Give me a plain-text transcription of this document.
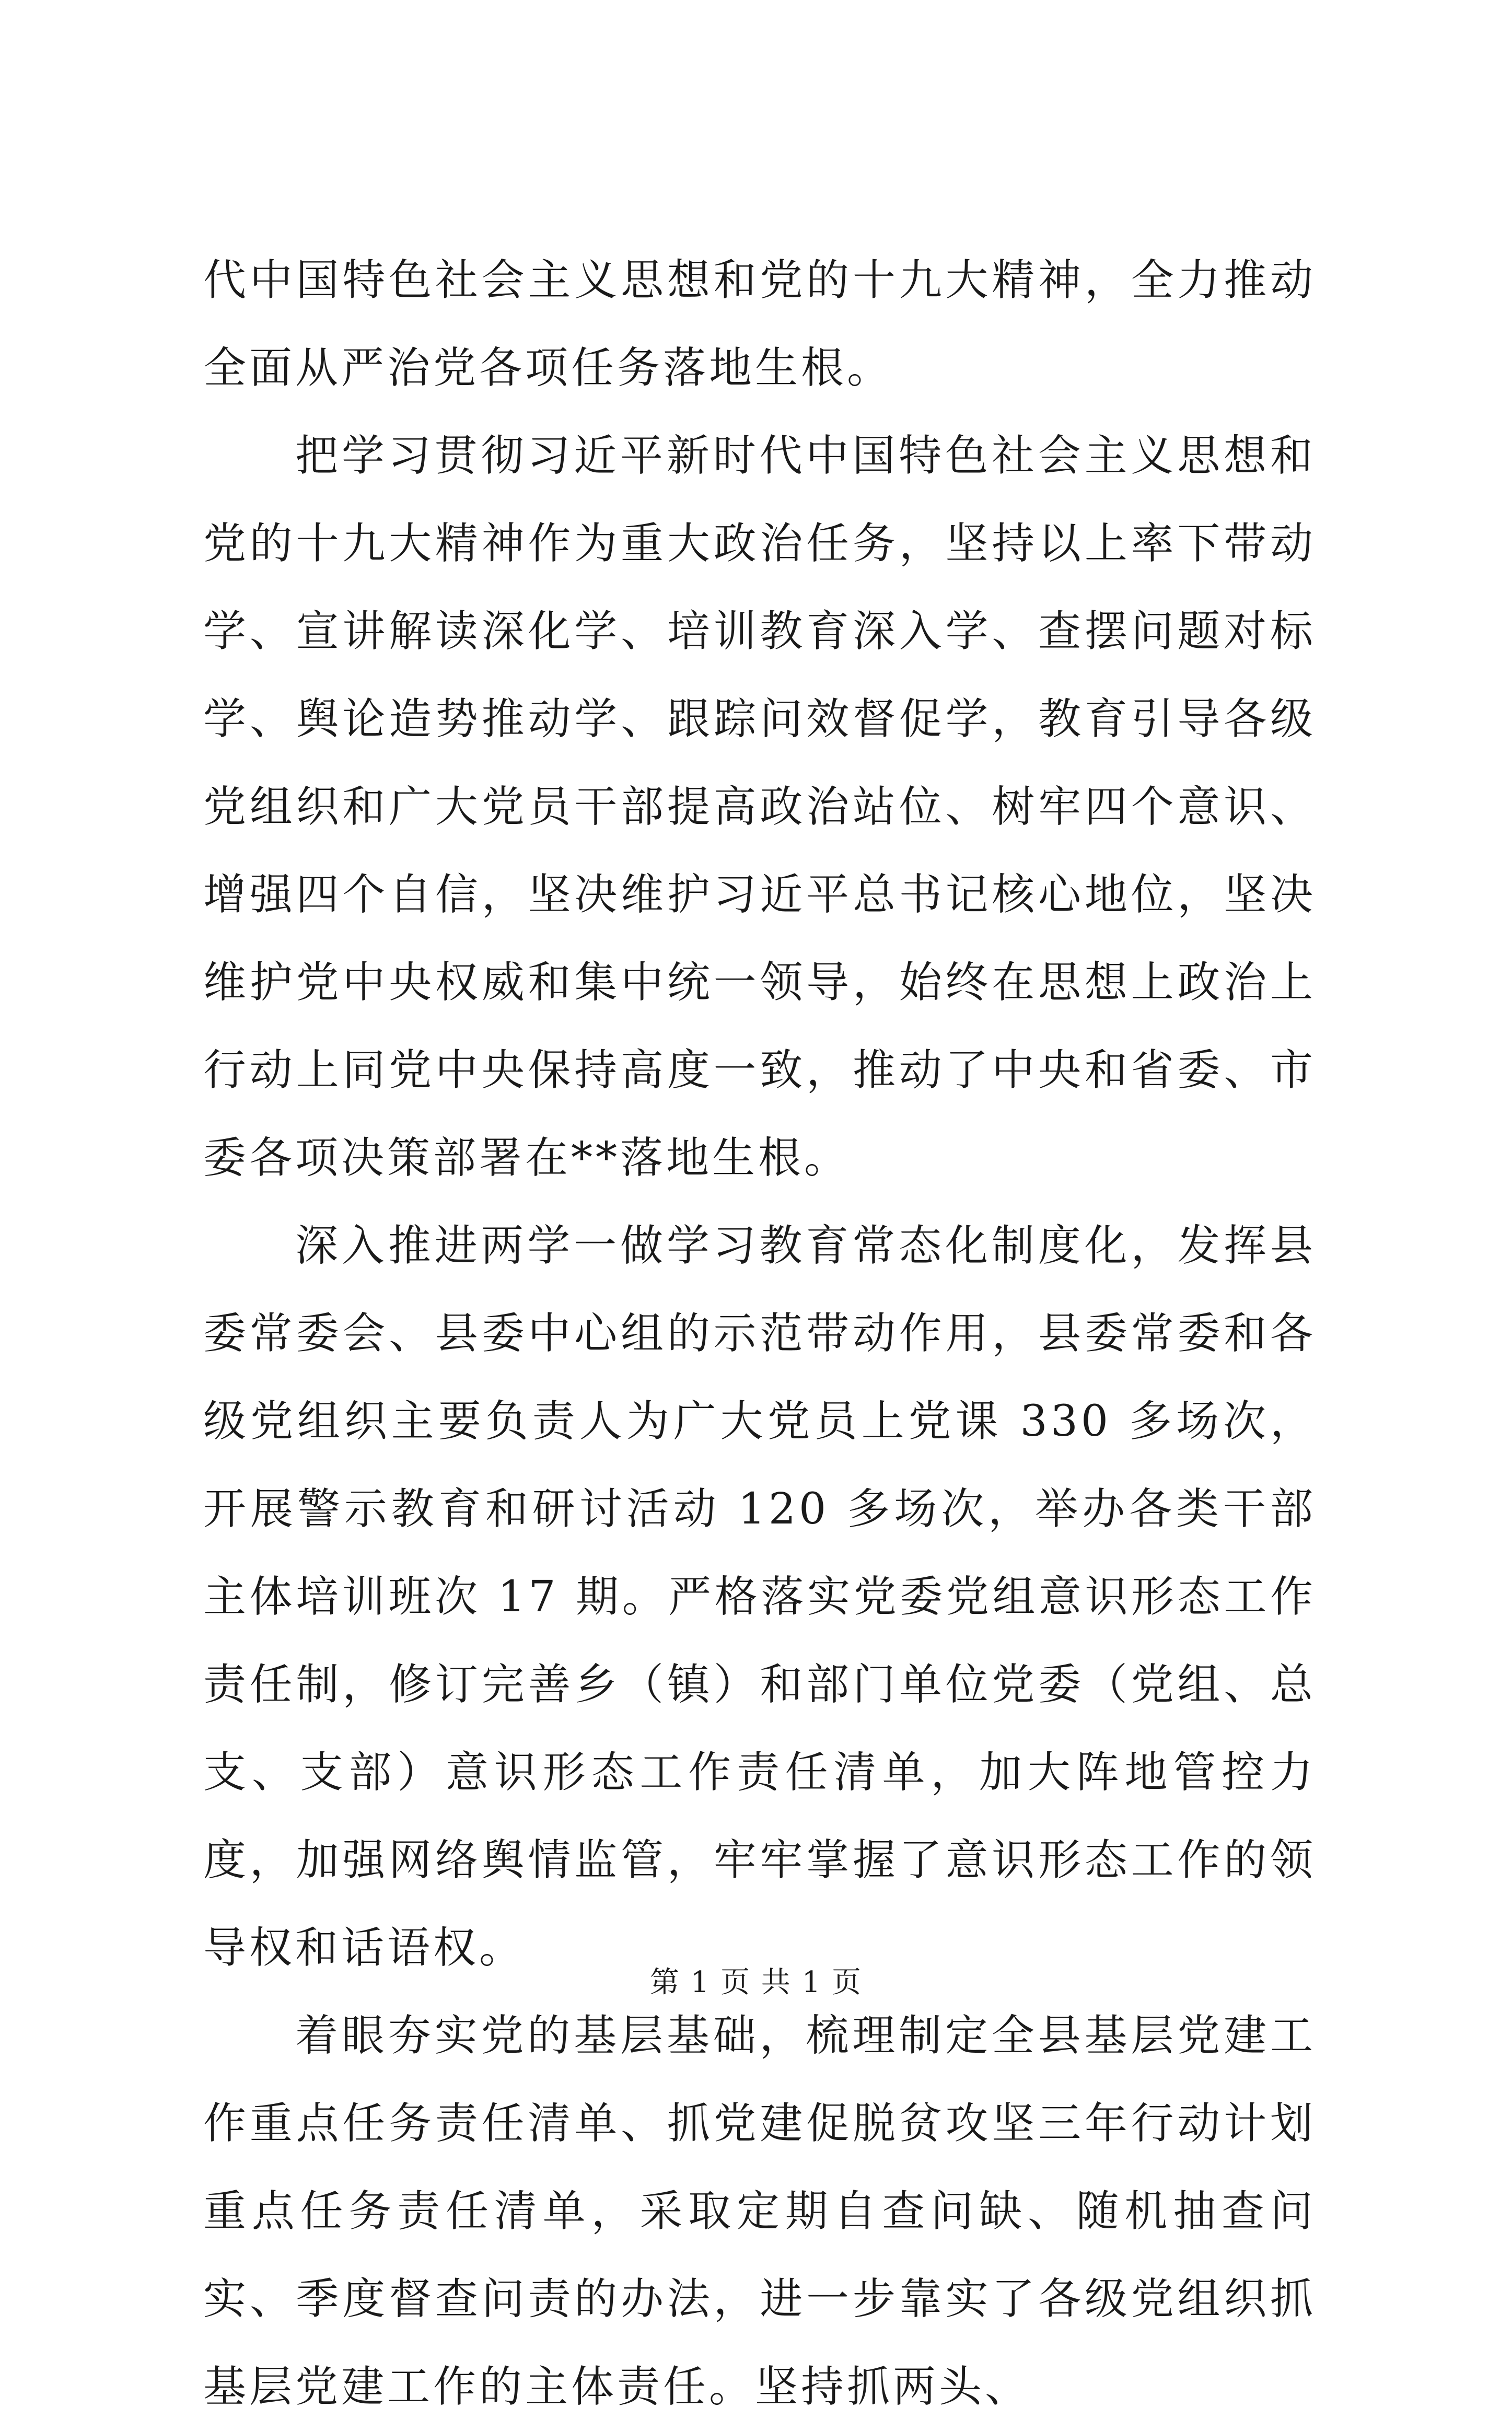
代中国特色社会主义思想和党的十九大精神，全力推动全面从严治党各项任务落地生根。

把学习贯彻习近平新时代中国特色社会主义思想和党的十九大精神作为重大政治任务，坚持以上率下带动学、宣讲解读深化学、培训教育深入学、查摆问题对标学、舆论造势推动学、跟踪问效督促学，教育引导各级党组织和广大党员干部提高政治站位、树牢四个意识、增强四个自信，坚决维护习近平总书记核心地位，坚决维护党中央权威和集中统一领导，始终在思想上政治上行动上同党中央保持高度一致，推动了中央和省委、市委各项决策部署在**落地生根。

深入推进两学一做学习教育常态化制度化，发挥县委常委会、县委中心组的示范带动作用，县委常委和各级党组织主要负责人为广大党员上党课 330 多场次，开展警示教育和研讨活动 120 多场次，举办各类干部主体培训班次 17 期。严格落实党委党组意识形态工作责任制，修订完善乡（镇）和部门单位党委（党组、总支、支部）意识形态工作责任清单，加大阵地管控力度，加强网络舆情监管，牢牢掌握了意识形态工作的领导权和话语权。

着眼夯实党的基层基础，梳理制定全县基层党建工作重点任务责任清单、抓党建促脱贫攻坚三年行动计划重点任务责任清单，采取定期自查问缺、随机抽查问实、季度督查问责的办法，进一步靠实了各级党组织抓基层党建工作的主体责任。坚持抓两头、

第 1 页 共 1 页
